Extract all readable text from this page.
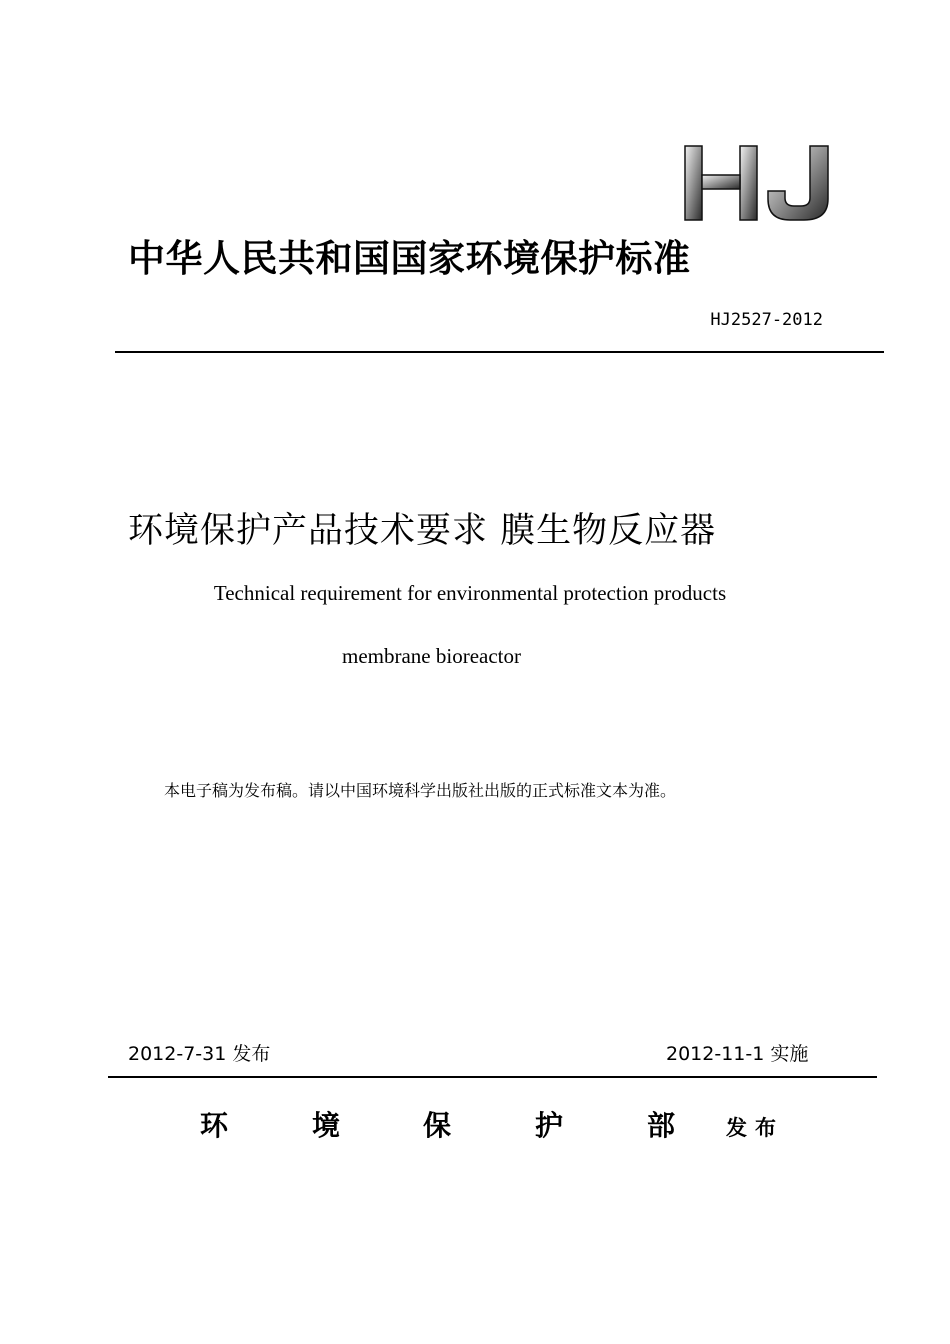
中华人民共和国国家环境保护标准
HJ2527-2012
环境保护产品技术要求 膜生物反应器
Technical requirement for environmental protection products
membrane bioreactor
本电子稿为发布稿。请以中国环境科学出版社出版的正式标准文本为准。
2012-7-31 发布	2012-11-1 实施
环	境	保	护	部 发布
